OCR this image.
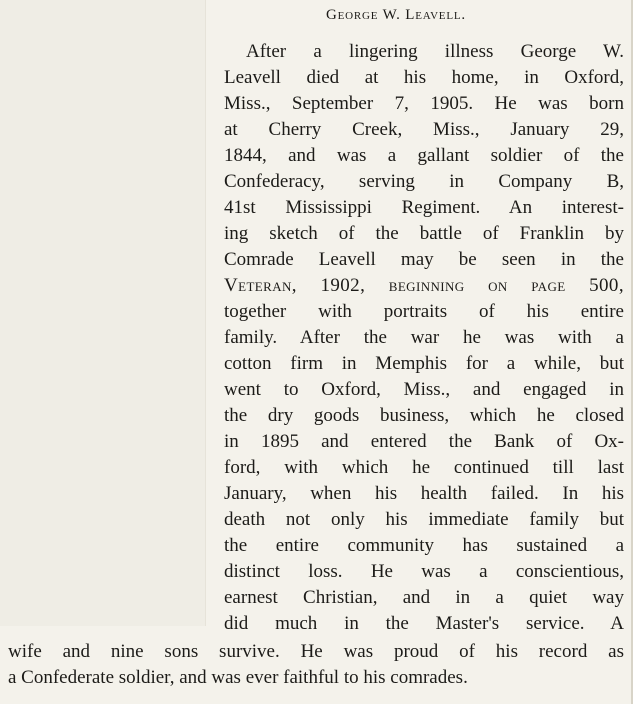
George W. Leavell.
After a lingering illness George W.
Leavell died at his home, in Oxford,
Miss., September 7, 1905. He was born
at Cherry Creek, Miss., January 29,
1844, and was a gallant soldier of the
Confederacy, serving in Company B,
41st Mississippi Regiment. An interest-
ing sketch of the battle of Franklin by
Comrade Leavell may be seen in the
Veteran, 1902, beginning on page 500,
together with portraits of his entire
family. After the war he was with a
cotton firm in Memphis for a while, but
went to Oxford, Miss., and engaged in
the dry goods business, which he closed
in 1895 and entered the Bank of Ox-
ford, with which he continued till last
January, when his health failed. In his
death not only his immediate family but
the entire community has sustained a
distinct loss. He was a conscientious,
earnest Christian, and in a quiet way
did much in the Master's service. A
wife and nine sons survive. He was proud of his record as
a Confederate soldier, and was ever faithful to his comrades.
